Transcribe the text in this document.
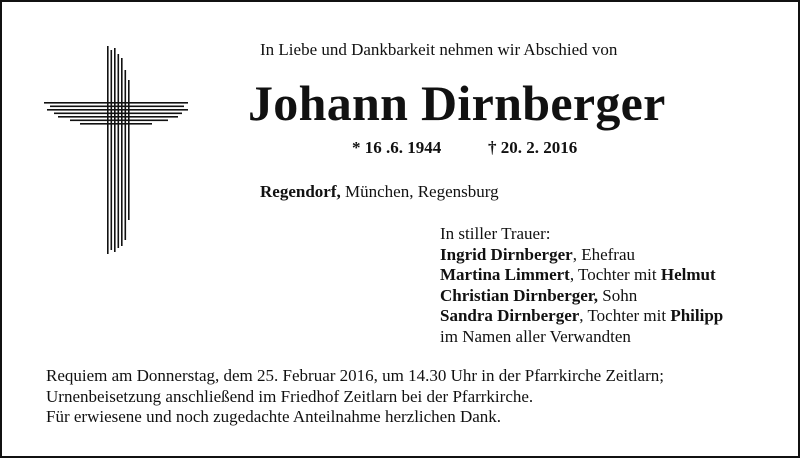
In Liebe und Dankbarkeit nehmen wir Abschied von
Johann Dirnberger
* 16 .6. 1944	† 20. 2. 2016
Regendorf, München, Regensburg
In stiller Trauer:
Ingrid Dirnberger, Ehefrau
Martina Limmert, Tochter mit Helmut
Christian Dirnberger, Sohn
Sandra Dirnberger, Tochter mit Philipp
im Namen aller Verwandten
Requiem am Donnerstag, dem 25. Februar 2016, um 14.30 Uhr in der Pfarrkirche Zeitlarn;
Urnenbeisetzung anschließend im Friedhof Zeitlarn bei der Pfarrkirche.
Für erwiesene und noch zugedachte Anteilnahme herzlichen Dank.
